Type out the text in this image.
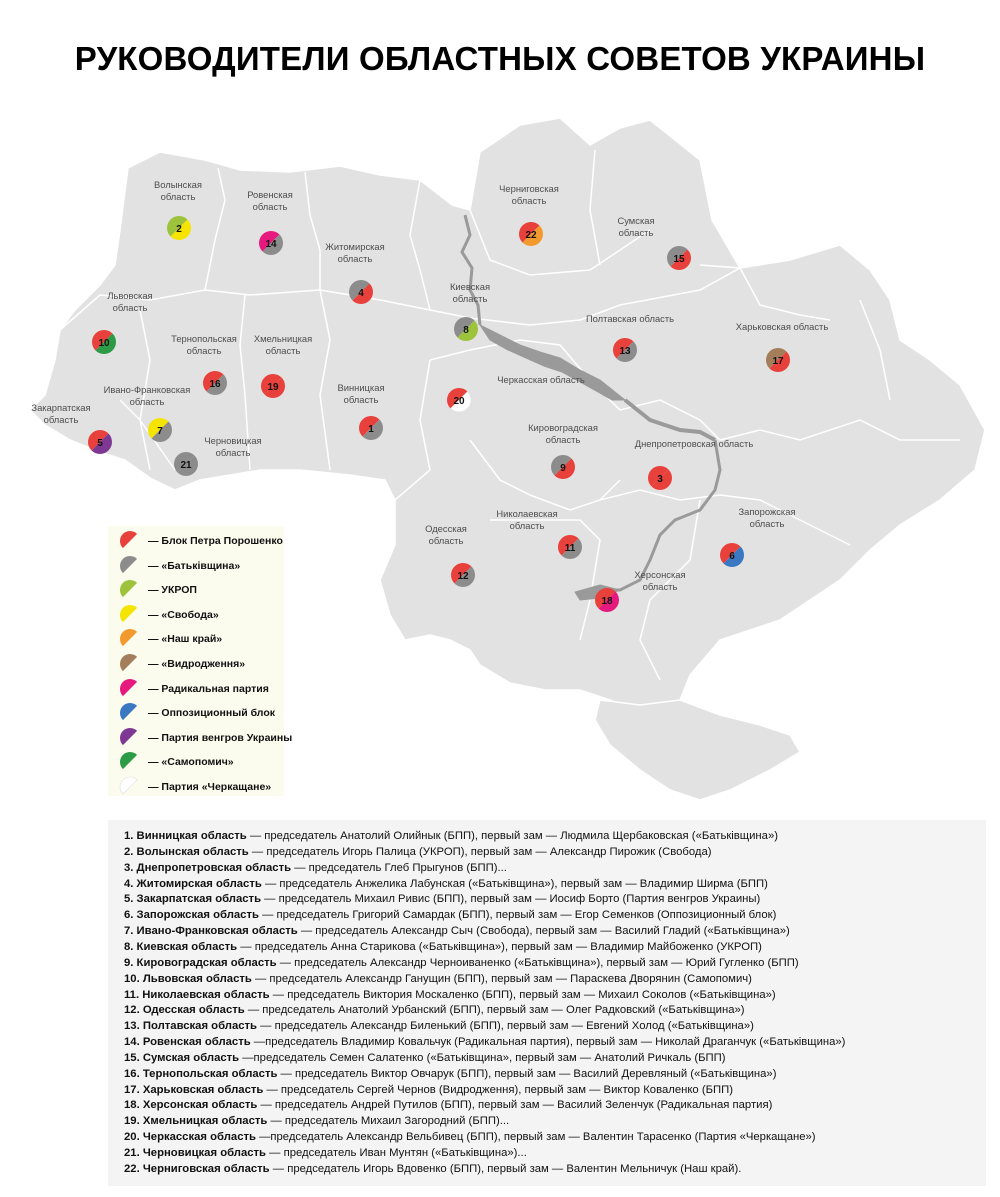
РУКОВОДИТЕЛИ ОБЛАСТНЫХ СОВЕТОВ УКРАИНЫ
Волынская область	Ровенская область
Житомирская область
Черниговская область
Сумская область
Львовская область
Киевская область
Полтавская область
Харьковская область
Тернопольская область
Хмельницкая область
Ивано-Франковская область
Черкасская область
Винницкая область
Закарпатская область
Кировоградская область	Днепропетровская область
Черновицкая область
Одесская область
Николаевская область
Запорожская область
Херсонская область
1
2
3
4
5
6
7
8
9
10
11
12
13
14
15
16
17
18
19
20
21
22
— Блок Петра Порошенко
— «Батьківщина»
— УКРОП
— «Свобода»
— «Наш край»
— «Видродження»
— Радикальная партия
— Оппозиционный блок
— Партия венгров Украины
— «Самопомич»
— Партия «Черкащане»
1. Винницкая область — председатель Анатолий Олийнык (БПП), первый зам — Людмила Щербаковская («Батьківщина»)
2. Волынская область — председатель Игорь Палица (УКРОП), первый зам — Александр Пирожик (Свобода)
3. Днепропетровская область — председатель Глеб Прыгунов (БПП)...
4. Житомирская область — председатель Анжелика Лабунская («Батьківщина»), первый зам — Владимир Ширма (БПП)
5. Закарпатская область — председатель Михаил Ривис (БПП), первый зам — Иосиф Борто (Партия венгров Украины)
6. Запорожская область — председатель Григорий Самардак (БПП), первый зам — Егор Семенков (Оппозиционный блок)
7. Ивано-Франковская область — председатель Александр Сыч (Свобода), первый зам — Василий Гладий («Батьківщина»)
8. Киевская область — председатель Анна Старикова («Батьківщина»), первый зам — Владимир Майбоженко (УКРОП)
9. Кировоградская область — председатель Александр Черноиваненко («Батьківщина»), первый зам — Юрий Гугленко (БПП)
10. Львовская область — председатель Александр Ганущин (БПП), первый зам — Параскева Дворянин (Самопомич)
11. Николаевская область — председатель Виктория Москаленко (БПП), первый зам — Михаил Соколов («Батьківщина»)
12. Одесская область — председатель Анатолий Урбанский (БПП), первый зам — Олег Радковский («Батьківщина»)
13. Полтавская область — председатель Александр Биленький (БПП), первый зам — Евгений Холод («Батьківщина»)
14. Ровенская область —председатель Владимир Ковальчук (Радикальная партия), первый зам — Николай Драганчук («Батьківщина»)
15. Сумская область —председатель Семен Салатенко («Батьківщина», первый зам — Анатолий Ричкаль (БПП)
16. Тернопольская область — председатель Виктор Овчарук (БПП), первый зам — Василий Деревляный («Батьківщина»)
17. Харьковская область — председатель Сергей Чернов (Видродження), первый зам — Виктор Коваленко (БПП)
18. Херсонская область — председатель Андрей Путилов (БПП), первый зам — Василий Зеленчук (Радикальная партия)
19. Хмельницкая область — председатель Михаил Загородний (БПП)...
20. Черкасская область —председатель Александр Вельбивец (БПП), первый зам — Валентин Тарасенко (Партия «Черкащане»)
21. Черновицкая область — председатель Иван Мунтян («Батьківщина»)...
22. Черниговская область — председатель Игорь Вдовенко (БПП), первый зам — Валентин Мельничук (Наш край).
